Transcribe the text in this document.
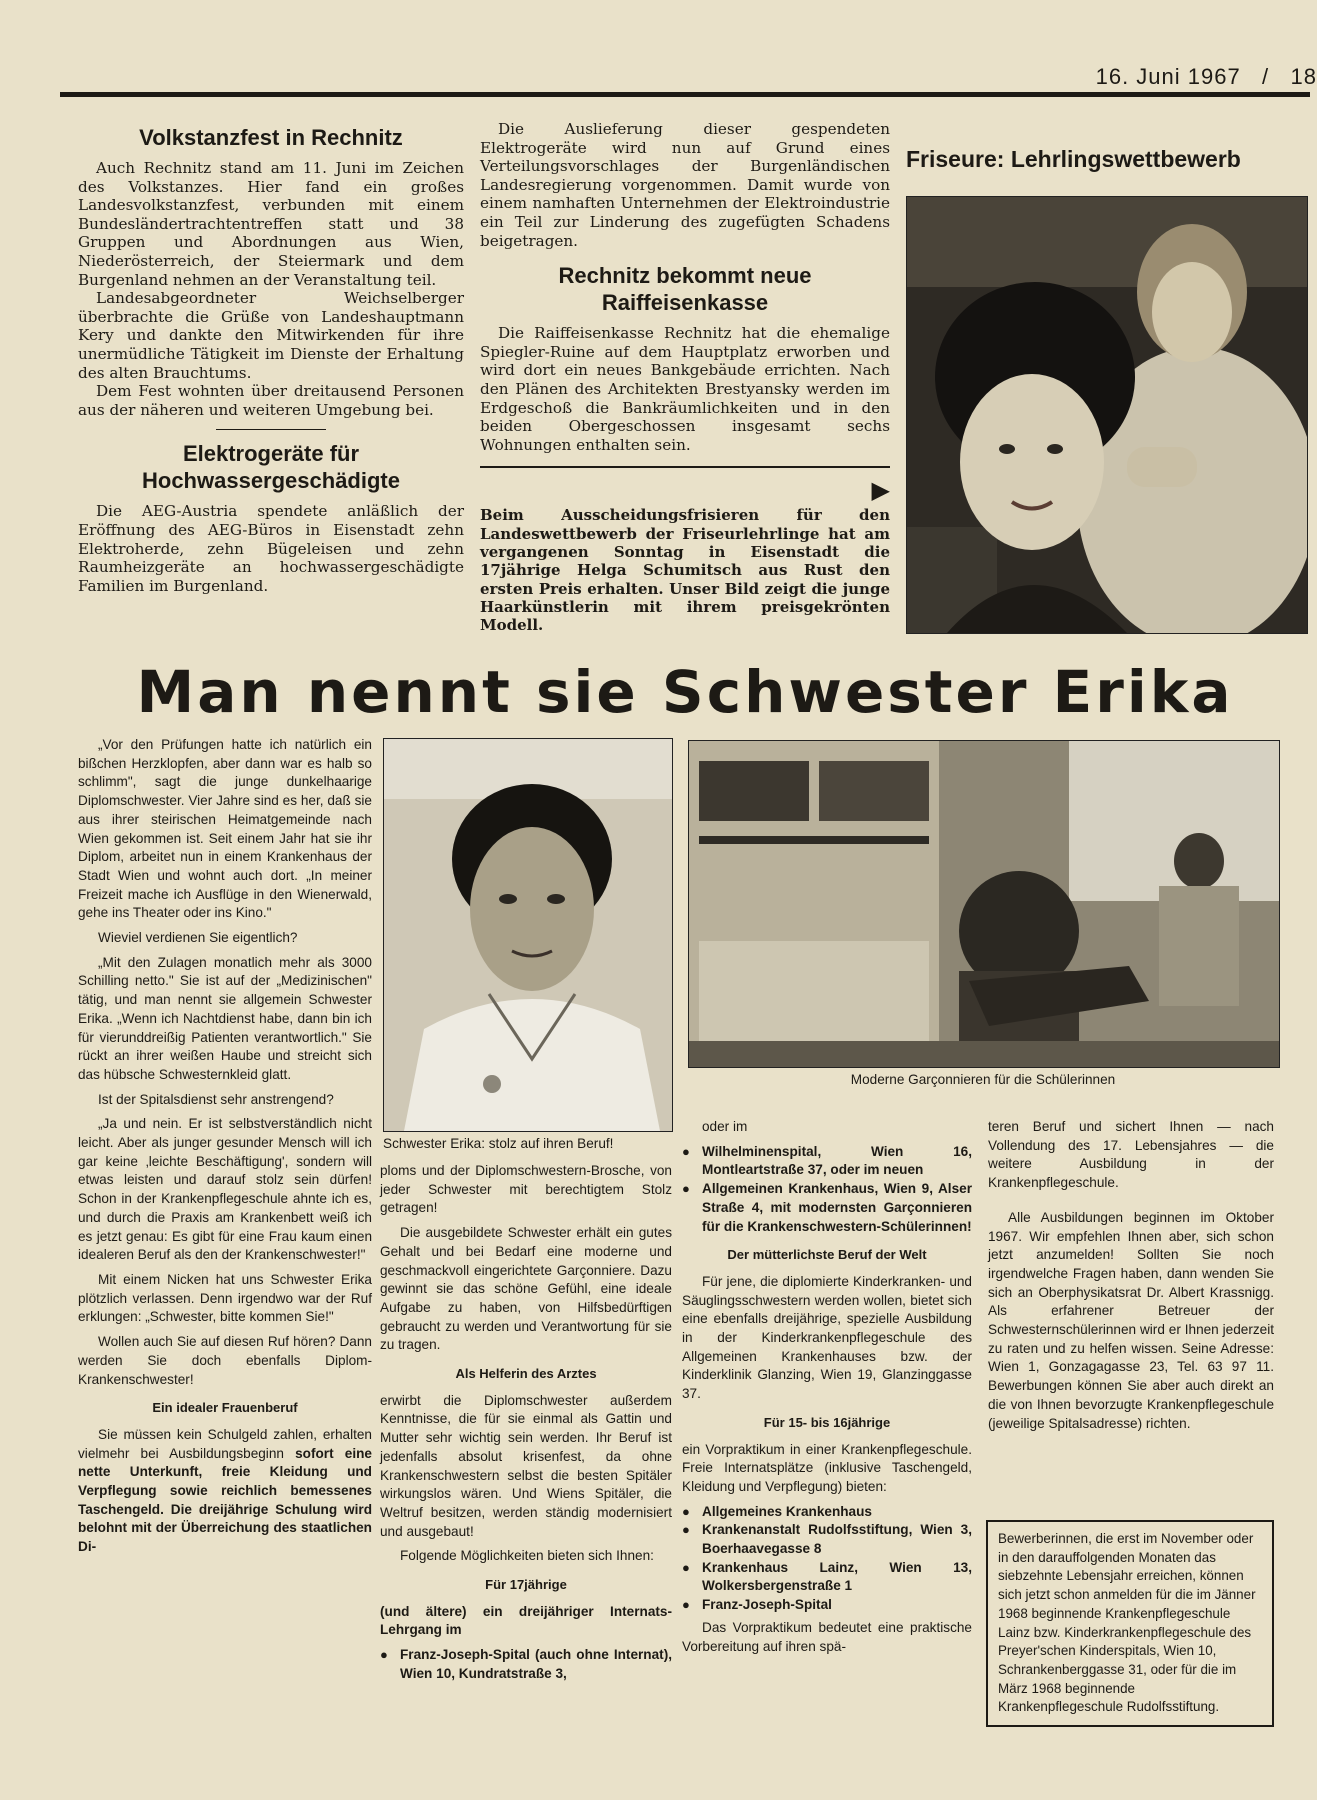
16. Juni 1967 / 18
Volkstanzfest in Rechnitz

Auch Rechnitz stand am 11. Juni im Zeichen des Volkstanzes. Hier fand ein großes Landesvolkstanzfest, verbunden mit einem Bundesländertrachtentreffen statt und 38 Gruppen und Abordnungen aus Wien, Niederösterreich, der Steiermark und dem Burgenland nehmen an der Veranstaltung teil.

Landesabgeordneter Weichselberger überbrachte die Grüße von Landeshauptmann Kery und dankte den Mitwirkenden für ihre unermüdliche Tätigkeit im Dienste der Erhaltung des alten Brauchtums.

Dem Fest wohnten über dreitausend Personen aus der näheren und weiteren Umgebung bei.

Elektrogeräte für Hochwassergeschädigte

Die AEG-Austria spendete anläßlich der Eröffnung des AEG-Büros in Eisenstadt zehn Elektroherde, zehn Bügeleisen und zehn Raumheizgeräte an hochwassergeschädigte Familien im Burgenland.

Die Auslieferung dieser gespendeten Elektrogeräte wird nun auf Grund eines Verteilungsvorschlages der Burgenländischen Landesregierung vorgenommen. Damit wurde von einem namhaften Unternehmen der Elektroindustrie ein Teil zur Linderung des zugefügten Schadens beigetragen.

Rechnitz bekommt neue Raiffeisenkasse

Die Raiffeisenkasse Rechnitz hat die ehemalige Spiegler-Ruine auf dem Hauptplatz erworben und wird dort ein neues Bankgebäude errichten. Nach den Plänen des Architekten Brestyansky werden im Erdgeschoß die Bankräumlichkeiten und in den beiden Obergeschossen insgesamt sechs Wohnungen enthalten sein.

▶

Beim Ausscheidungsfrisieren für den Landeswettbewerb der Friseurlehrlinge hat am vergangenen Sonntag in Eisenstadt die 17jährige Helga Schumitsch aus Rust den ersten Preis erhalten. Unser Bild zeigt die junge Haarkünstlerin mit ihrem preisgekrönten Modell.

Friseure: Lehrlingswettbewerb
Man nennt sie Schwester Erika
Schwester Erika: stolz auf ihren Beruf!
Moderne Garçonnieren für die Schülerinnen

„Vor den Prüfungen hatte ich natürlich ein bißchen Herzklopfen, aber dann war es halb so schlimm", sagt die junge dunkelhaarige Diplomschwester. Vier Jahre sind es her, daß sie aus ihrer steirischen Heimatgemeinde nach Wien gekommen ist. Seit einem Jahr hat sie ihr Diplom, arbeitet nun in einem Krankenhaus der Stadt Wien und wohnt auch dort. „In meiner Freizeit mache ich Ausflüge in den Wienerwald, gehe ins Theater oder ins Kino."

Wieviel verdienen Sie eigentlich?

„Mit den Zulagen monatlich mehr als 3000 Schilling netto." Sie ist auf der „Medizinischen" tätig, und man nennt sie allgemein Schwester Erika. „Wenn ich Nachtdienst habe, dann bin ich für vierunddreißig Patienten verantwortlich." Sie rückt an ihrer weißen Haube und streicht sich das hübsche Schwesternkleid glatt.

Ist der Spitalsdienst sehr anstrengend?

„Ja und nein. Er ist selbstverständlich nicht leicht. Aber als junger gesunder Mensch will ich gar keine ‚leichte Beschäftigung', sondern will etwas leisten und darauf stolz sein dürfen! Schon in der Krankenpflegeschule ahnte ich es, und durch die Praxis am Krankenbett weiß ich es jetzt genau: Es gibt für eine Frau kaum einen idealeren Beruf als den der Krankenschwester!"

Mit einem Nicken hat uns Schwester Erika plötzlich verlassen. Denn irgendwo war der Ruf erklungen: „Schwester, bitte kommen Sie!"

Wollen auch Sie auf diesen Ruf hören? Dann werden Sie doch ebenfalls Diplom-Krankenschwester!

Ein idealer Frauenberuf

Sie müssen kein Schulgeld zahlen, erhalten vielmehr bei Ausbildungsbeginn sofort eine nette Unterkunft, freie Kleidung und Verpflegung sowie reichlich bemessenes Taschengeld. Die dreijährige Schulung wird belohnt mit der Überreichung des staatlichen Di-

ploms und der Diplomschwestern-Brosche, von jeder Schwester mit berechtigtem Stolz getragen!

Die ausgebildete Schwester erhält ein gutes Gehalt und bei Bedarf eine moderne und geschmackvoll eingerichtete Garçonniere. Dazu gewinnt sie das schöne Gefühl, eine ideale Aufgabe zu haben, von Hilfsbedürftigen gebraucht zu werden und Verantwortung für sie zu tragen.

Als Helferin des Arztes

erwirbt die Diplomschwester außerdem Kenntnisse, die für sie einmal als Gattin und Mutter sehr wichtig sein werden. Ihr Beruf ist jedenfalls absolut krisenfest, da ohne Krankenschwestern selbst die besten Spitäler wirkungslos wären. Und Wiens Spitäler, die Weltruf besitzen, werden ständig modernisiert und ausgebaut!

Folgende Möglichkeiten bieten sich Ihnen:

Für 17jährige

(und ältere) ein dreijähriger Internats-Lehrgang im

● Franz-Joseph-Spital (auch ohne Internat), Wien 10, Kundratstraße 3,

oder im

● Wilhelminenspital, Wien 16, Montleartstraße 37, oder im neuen
● Allgemeinen Krankenhaus, Wien 9, Alser Straße 4, mit modernsten Garçonnieren für die Krankenschwestern-Schülerinnen!

Der mütterlichste Beruf der Welt

Für jene, die diplomierte Kinderkranken- und Säuglingsschwestern werden wollen, bietet sich eine ebenfalls dreijährige, spezielle Ausbildung in der Kinderkrankenpflegeschule des Allgemeinen Krankenhauses bzw. der Kinderklinik Glanzing, Wien 19, Glanzinggasse 37.

Für 15- bis 16jährige

ein Vorpraktikum in einer Krankenpflegeschule. Freie Internatsplätze (inklusive Taschengeld, Kleidung und Verpflegung) bieten:

● Allgemeines Krankenhaus
● Krankenanstalt Rudolfsstiftung, Wien 3, Boerhaavegasse 8
● Krankenhaus Lainz, Wien 13, Wolkersbergenstraße 1
● Franz-Joseph-Spital

Das Vorpraktikum bedeutet eine praktische Vorbereitung auf ihren spä-

teren Beruf und sichert Ihnen — nach Vollendung des 17. Lebensjahres — die weitere Ausbildung in der Krankenpflegeschule.

Alle Ausbildungen beginnen im Oktober 1967. Wir empfehlen Ihnen aber, sich schon jetzt anzumelden! Sollten Sie noch irgendwelche Fragen haben, dann wenden Sie sich an Oberphysikatsrat Dr. Albert Krassnigg. Als erfahrener Betreuer der Schwesternschülerinnen wird er Ihnen jederzeit zu raten und zu helfen wissen. Seine Adresse: Wien 1, Gonzagagasse 23, Tel. 63 97 11. Bewerbungen können Sie aber auch direkt an die von Ihnen bevorzugte Krankenpflegeschule (jeweilige Spitalsadresse) richten.

Bewerberinnen, die erst im November oder in den darauffolgenden Monaten das siebzehnte Lebensjahr erreichen, können sich jetzt schon anmelden für die im Jänner 1968 beginnende Krankenpflegeschule Lainz bzw. Kinderkrankenpflegeschule des Preyer'schen Kinderspitals, Wien 10, Schrankenberggasse 31, oder für die im März 1968 beginnende Krankenpflegeschule Rudolfsstiftung.
